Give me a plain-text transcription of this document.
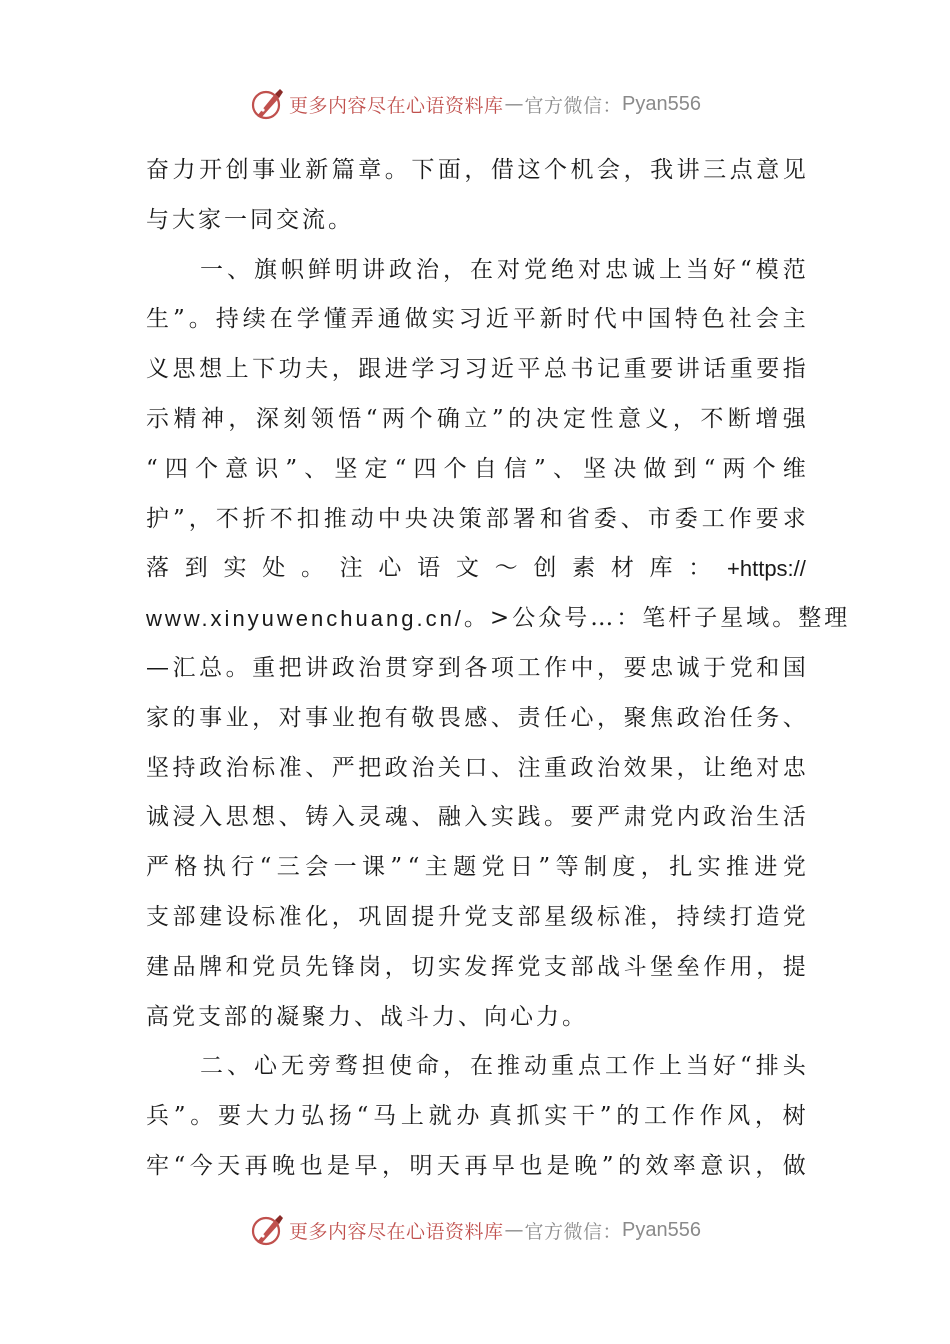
更多内容尽在心语资料库 — 官方微信： Pyan556
奋 力 开 创 事 业 新 篇 章 。 下 面 ， 借 这 个 机 会 ， 我 讲 三 点 意 见
与大家一同交流。

一 、 旗 帜 鲜 明 讲 政 治 ， 在 对 党 绝 对 忠 诚 上 当 好 “ 模 范
生 ” 。 持 续 在 学 懂 弄 通 做 实 习 近 平 新 时 代 中 国 特 色 社 会 主
义 思 想 上 下 功 夫 ， 跟 进 学 习 习 近 平 总 书 记 重 要 讲 话 重 要 指
示 精 神 ， 深 刻 领 悟 “ 两 个 确 立 ” 的 决 定 性 意 义 ， 不 断 增 强
“ 四 个 意 识 ” 、 坚 定 “ 四 个 自 信 ” 、 坚 决 做 到 “ 两 个 维
护 ” ， 不 折 不 扣 推 动 中 央 决 策 部 署 和 省 委 、 市 委 工 作 要 求
落 到 实 处 。 注 心 语 文 ～ 创 素 材 库 ： +https://
www.xinyuwenchuang.cn/ 。>公众号…：笔杆子星域。整理
— 汇 总 。 重 把 讲 政 治 贯 穿 到 各 项 工 作 中 ， 要 忠 诚 于 党 和 国
家 的 事 业 ， 对 事 业 抱 有 敬 畏 感 、 责 任 心 ， 聚 焦 政 治 任 务 、
坚 持 政 治 标 准 、 严 把 政 治 关 口 、 注 重 政 治 效 果 ， 让 绝 对 忠
诚 浸 入 思 想 、 铸 入 灵 魂 、 融 入 实 践 。 要 严 肃 党 内 政 治 生 活
严 格 执 行 “ 三 会 一 课 ” “ 主 题 党 日 ” 等 制 度 ， 扎 实 推 进 党
支 部 建 设 标 准 化 ， 巩 固 提 升 党 支 部 星 级 标 准 ， 持 续 打 造 党
建 品 牌 和 党 员 先 锋 岗 ， 切 实 发 挥 党 支 部 战 斗 堡 垒 作 用 ， 提
高党支部的凝聚力、战斗力、向心力。

二 、 心 无 旁 骛 担 使 命 ， 在 推 动 重 点 工 作 上 当 好 “ 排 头
兵 ” 。 要 大 力 弘 扬 “ 马 上 就 办 真 抓 实 干 ” 的 工 作 作 风 ， 树
牢 “ 今 天 再 晚 也 是 早 ， 明 天 再 早 也 是 晚 ” 的 效 率 意 识 ， 做
更多内容尽在心语资料库 — 官方微信： Pyan556
